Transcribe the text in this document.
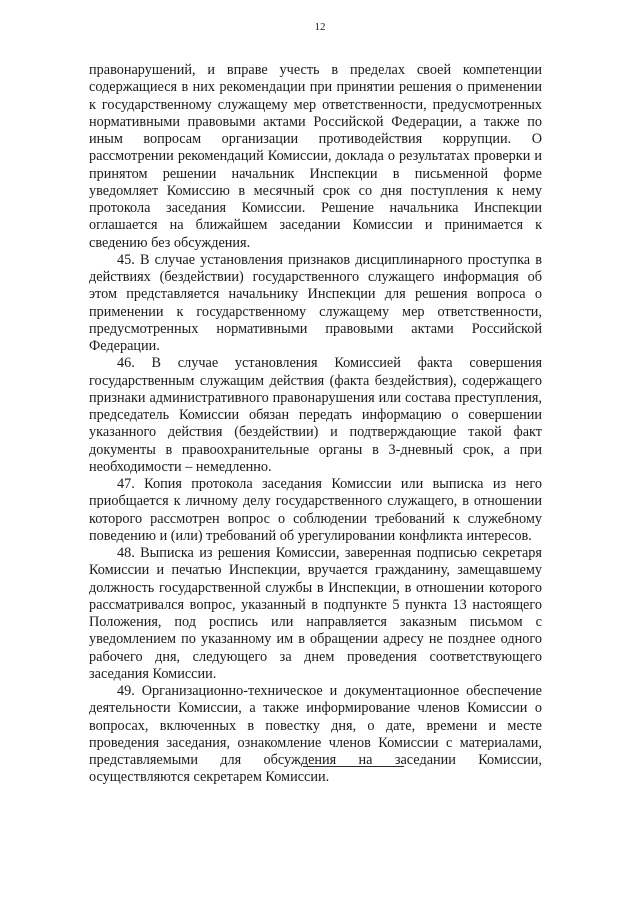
12

правонарушений, и вправе учесть в пределах своей компетенции содержащиеся в них рекомендации при принятии решения о применении к государственному служащему мер ответственности, предусмотренных нормативными правовыми актами Российской Федерации, а также по иным вопросам организации противодействия коррупции. О рассмотрении рекомендаций Комиссии, доклада о результатах проверки и принятом решении начальник Инспекции в письменной форме уведомляет Комиссию в месячный срок со дня поступления к нему протокола заседания Комиссии. Решение начальника Инспекции оглашается на ближайшем заседании Комиссии и принимается к сведению без обсуждения.

45. В случае установления признаков дисциплинарного проступка в действиях (бездействии) государственного служащего информация об этом представляется начальнику Инспекции для решения вопроса о применении к государственному служащему мер ответственности, предусмотренных нормативными правовыми актами Российской Федерации.

46. В случае установления Комиссией факта совершения государственным служащим действия (факта бездействия), содержащего признаки административного правонарушения или состава преступления, председатель Комиссии обязан передать информацию о совершении указанного действия (бездействии) и подтверждающие такой факт документы в правоохранительные органы в 3-дневный срок, а при необходимости – немедленно.

47. Копия протокола заседания Комиссии или выписка из него приобщается к личному делу государственного служащего, в отношении которого рассмотрен вопрос о соблюдении требований к служебному поведению и (или) требований об урегулировании конфликта интересов.

48. Выписка из решения Комиссии, заверенная подписью секретаря Комиссии и печатью Инспекции, вручается гражданину, замещавшему должность государственной службы в Инспекции, в отношении которого рассматривался вопрос, указанный в подпункте 5 пункта 13 настоящего Положения, под роспись или направляется заказным письмом с уведомлением по указанному им в обращении адресу не позднее одного рабочего дня, следующего за днем проведения соответствующего заседания Комиссии.

49. Организационно-техническое и документационное обеспечение деятельности Комиссии, а также информирование членов Комиссии о вопросах, включенных в повестку дня, о дате, времени и месте проведения заседания, ознакомление членов Комиссии с материалами, представляемыми для обсуждения на заседании Комиссии, осуществляются секретарем Комиссии.
